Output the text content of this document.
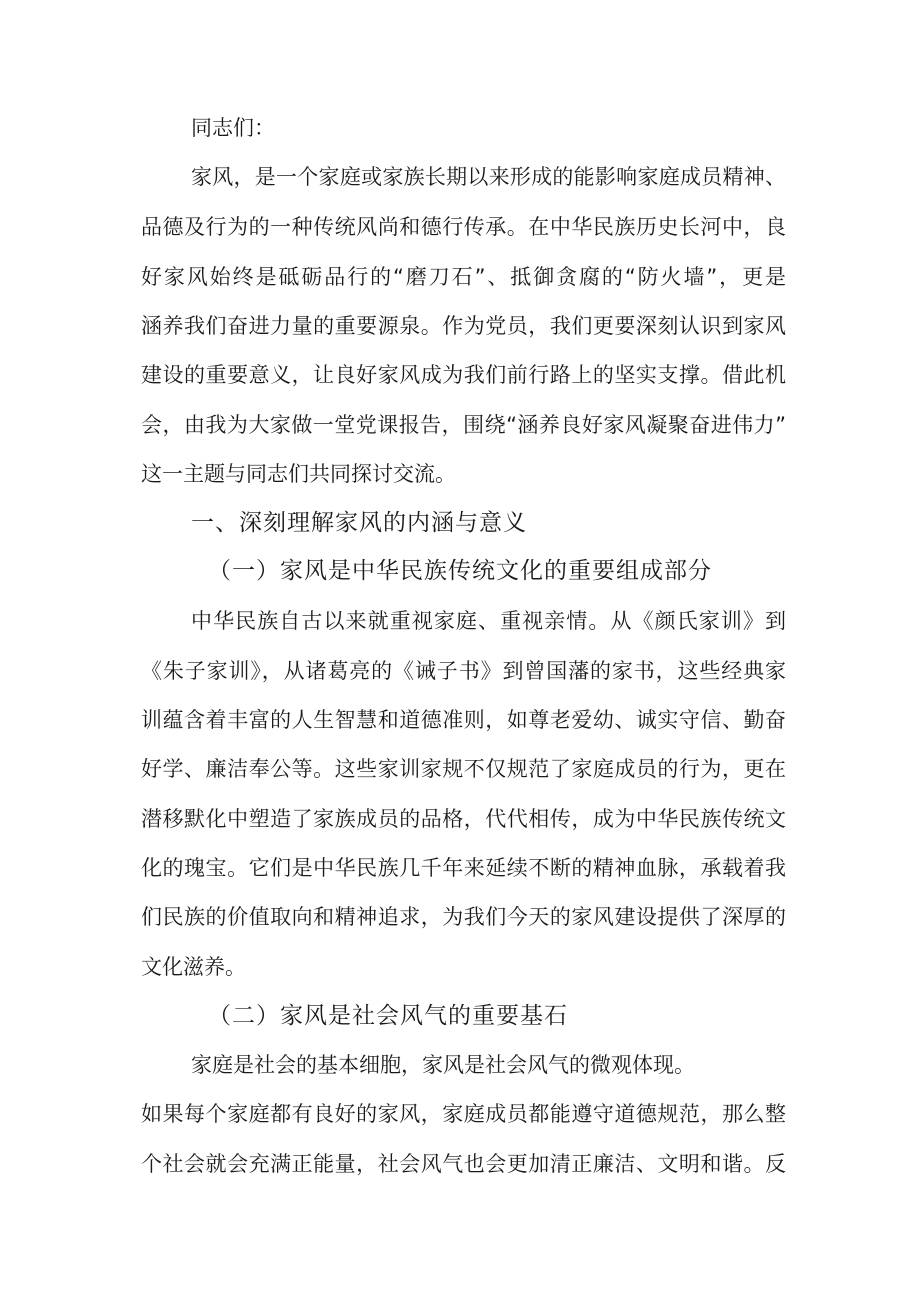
同志们：
家风，是一个家庭或家族长期以来形成的能影响家庭成员精神、
品德及行为的一种传统风尚和德行传承。在中华民族历史长河中，良
好家风始终是砥砺品行的“磨刀石”、抵御贪腐的“防火墙”，更是
涵养我们奋进力量的重要源泉。作为党员，我们更要深刻认识到家风
建设的重要意义，让良好家风成为我们前行路上的坚实支撑。借此机
会，由我为大家做一堂党课报告，围绕“涵养良好家风凝聚奋进伟力”
这一主题与同志们共同探讨交流。
一、深刻理解家风的内涵与意义
（一）家风是中华民族传统文化的重要组成部分
中华民族自古以来就重视家庭、重视亲情。从《颜氏家训》到
《朱子家训》，从诸葛亮的《诫子书》到曾国藩的家书，这些经典家
训蕴含着丰富的人生智慧和道德准则，如尊老爱幼、诚实守信、勤奋
好学、廉洁奉公等。这些家训家规不仅规范了家庭成员的行为，更在
潜移默化中塑造了家族成员的品格，代代相传，成为中华民族传统文
化的瑰宝。它们是中华民族几千年来延续不断的精神血脉，承载着我
们民族的价值取向和精神追求，为我们今天的家风建设提供了深厚的
文化滋养。
（二）家风是社会风气的重要基石
家庭是社会的基本细胞，家风是社会风气的微观体现。
如果每个家庭都有良好的家风，家庭成员都能遵守道德规范，那么整
个社会就会充满正能量，社会风气也会更加清正廉洁、文明和谐。反
